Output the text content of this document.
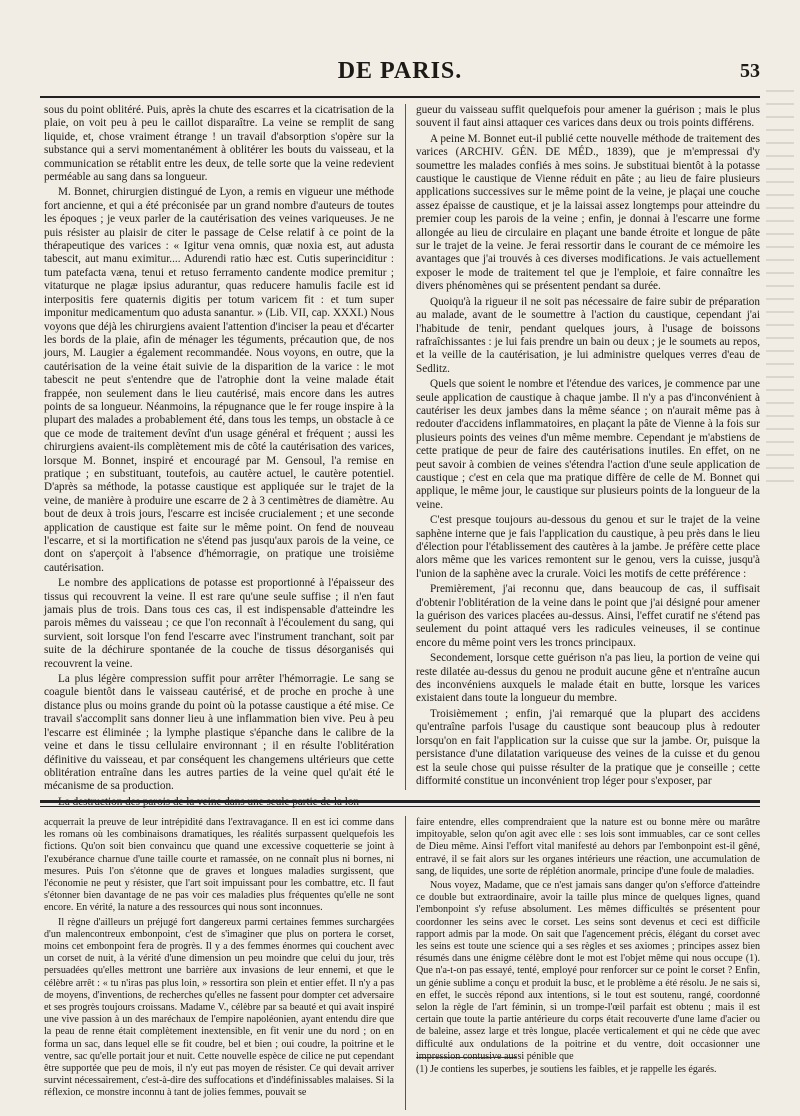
DE PARIS.	53

sous du point oblitéré. Puis, après la chute des escarres et la cicatrisation de la plaie, on voit peu à peu le caillot disparaître. La veine se remplit de sang liquide, et, chose vraiment étrange ! un travail d'absorption s'opère sur la substance qui a servi momentanément à oblitérer les bouts du vaisseau, et la communication se rétablit entre les deux, de telle sorte que la veine redevient perméable au sang dans sa longueur.

M. Bonnet, chirurgien distingué de Lyon, a remis en vigueur une méthode fort ancienne, et qui a été préconisée par un grand nombre d'auteurs de toutes les époques ; je veux parler de la cautérisation des veines variqueuses. Je ne puis résister au plaisir de citer le passage de Celse relatif à ce point de la thérapeutique des varices : « Igitur vena omnis, quæ noxia est, aut adusta tabescit, aut manu eximitur.... Adurendi ratio hæc est. Cutis superinciditur : tum patefacta væna, tenui et retuso ferramento candente modice premitur ; vitaturque ne plagæ ipsius adurantur, quas reducere hamulis facile est id interpositis fere quaternis digitis per totum varicem fit : et tum super imponitur medicamentum quo adusta sanantur. » (Lib. VII, cap. XXXI.) Nous voyons que déjà les chirurgiens avaient l'attention d'inciser la peau et d'écarter les bords de la plaie, afin de ménager les téguments, précaution que, de nos jours, M. Laugier a également recommandée. Nous voyons, en outre, que la cautérisation de la veine était suivie de la disparition de la varice : le mot tabescit ne peut s'entendre que de l'atrophie dont la veine malade était frappée, non seulement dans le lieu cautérisé, mais encore dans les autres points de sa longueur. Néanmoins, la répugnance que le fer rouge inspire à la plupart des malades a probablement été, dans tous les temps, un obstacle à ce que ce mode de traitement devînt d'un usage général et fréquent ; aussi les chirurgiens avaient-ils complètement mis de côté la cautérisation des varices, lorsque M. Bonnet, inspiré et encouragé par M. Gensoul, l'a remise en pratique ; en substituant, toutefois, au cautère actuel, le cautère potentiel. D'après sa méthode, la potasse caustique est appliquée sur le trajet de la veine, de manière à produire une escarre de 2 à 3 centimètres de diamètre. Au bout de deux à trois jours, l'escarre est incisée crucialement ; et une seconde application de caustique est faite sur le même point. On fend de nouveau l'escarre, et si la mortification ne s'étend pas jusqu'aux parois de la veine, ce dont on s'aperçoit à l'absence d'hémorragie, on pratique une troisième cautérisation.

Le nombre des applications de potasse est proportionné à l'épaisseur des tissus qui recouvrent la veine. Il est rare qu'une seule suffise ; il n'en faut jamais plus de trois. Dans tous ces cas, il est indispensable d'atteindre les parois mêmes du vaisseau ; ce que l'on reconnaît à l'écoulement du sang, qui survient, soit lorsque l'on fend l'escarre avec l'instrument tranchant, soit par suite de la déchirure spontanée de la couche de tissus désorganisés qui recouvrent la veine.

La plus légère compression suffit pour arrêter l'hémorragie. Le sang se coagule bientôt dans le vaisseau cautérisé, et de proche en proche à une distance plus ou moins grande du point où la potasse caustique a été mise. Ce travail s'accomplit sans donner lieu à une inflammation bien vive. Peu à peu l'escarre est éliminée ; la lymphe plastique s'épanche dans le calibre de la veine et dans le tissu cellulaire environnant ; il en résulte l'oblitération définitive du vaisseau, et par conséquent les changemens ultérieurs que cette oblitération entraîne dans les autres parties de la veine quel qu'ait été le mécanisme de sa production.

La destruction des parois de la veine dans une seule partie de la lon-

gueur du vaisseau suffit quelquefois pour amener la guérison ; mais le plus souvent il faut ainsi attaquer ces varices dans deux ou trois points différens.

A peine M. Bonnet eut-il publié cette nouvelle méthode de traitement des varices (ARCHIV. GÉN. DE MÉD., 1839), que je m'empressai d'y soumettre les malades confiés à mes soins. Je substituai bientôt à la potasse caustique le caustique de Vienne réduit en pâte ; au lieu de faire plusieurs applications successives sur le même point de la veine, je plaçai une couche assez épaisse de caustique, et je la laissai assez longtemps pour atteindre du premier coup les parois de la veine ; enfin, je donnai à l'escarre une forme allongée au lieu de circulaire en plaçant une bande étroite et longue de pâte sur le trajet de la veine. Je ferai ressortir dans le courant de ce mémoire les avantages que j'ai trouvés à ces diverses modifications. Je vais actuellement exposer le mode de traitement tel que je l'emploie, et faire connaître les divers phénomènes qui se présentent pendant sa durée.

Quoiqu'à la rigueur il ne soit pas nécessaire de faire subir de préparation au malade, avant de le soumettre à l'action du caustique, cependant j'ai l'habitude de tenir, pendant quelques jours, à l'usage de boissons rafraîchissantes : je lui fais prendre un bain ou deux ; je le soumets au repos, et la veille de la cautérisation, je lui administre quelques verres d'eau de Sedlitz.

Quels que soient le nombre et l'étendue des varices, je commence par une seule application de caustique à chaque jambe. Il n'y a pas d'inconvénient à cautériser les deux jambes dans la même séance ; on n'aurait même pas à redouter d'accidens inflammatoires, en plaçant la pâte de Vienne à la fois sur plusieurs points des veines d'un même membre. Cependant je m'abstiens de cette pratique de peur de faire des cautérisations inutiles. En effet, on ne peut savoir à combien de veines s'étendra l'action d'une seule application de caustique ; c'est en cela que ma pratique diffère de celle de M. Bonnet qui applique, le même jour, le caustique sur plusieurs points de la longueur de la veine.

C'est presque toujours au-dessous du genou et sur le trajet de la veine saphène interne que je fais l'application du caustique, à peu près dans le lieu d'élection pour l'établissement des cautères à la jambe. Je préfère cette place alors même que les varices remontent sur le genou, vers la cuisse, jusqu'à l'union de la saphène avec la crurale. Voici les motifs de cette préférence :

Premièrement, j'ai reconnu que, dans beaucoup de cas, il suffisait d'obtenir l'oblitération de la veine dans le point que j'ai désigné pour amener la guérison des varices placées au-dessus. Ainsi, l'effet curatif ne s'étend pas seulement du point attaqué vers les radicules veineuses, il se continue encore du même point vers les troncs principaux.

Secondement, lorsque cette guérison n'a pas lieu, la portion de veine qui reste dilatée au-dessus du genou ne produit aucune gêne et n'entraîne aucun des inconvéniens auxquels le malade était en butte, lorsque les varices existaient dans toute la longueur du membre.

Troisièmement ; enfin, j'ai remarqué que la plupart des accidens qu'entraîne parfois l'usage du caustique sont beaucoup plus à redouter lorsqu'on en fait l'application sur la cuisse que sur la jambe. Or, puisque la persistance d'une dilatation variqueuse des veines de la cuisse et du genou est la seule chose qui puisse résulter de la pratique que je conseille ; cette difformité constitue un inconvénient trop léger pour s'exposer, par

acquerrait la preuve de leur intrépidité dans l'extravagance. Il en est ici comme dans les romans où les combinaisons dramatiques, les réalités surpassent quelquefois les fictions. Qu'on soit bien convaincu que quand une excessive coquetterie se joint à l'exubérance charnue d'une taille courte et ramassée, on ne connaît plus ni bornes, ni mesures. Puis l'on s'étonne que de graves et longues maladies surgissent, que l'économie ne peut y résister, que l'art soit impuissant pour les combattre, etc. Il faut s'étonner bien davantage de ne pas voir ces maladies plus fréquentes qu'elle ne sont encore. En vérité, la nature a des ressources qui nous sont inconnues.

Il règne d'ailleurs un préjugé fort dangereux parmi certaines femmes surchargées d'un malencontreux embonpoint, c'est de s'imaginer que plus on portera le corset, moins cet embonpoint fera de progrès. Il y a des femmes énormes qui couchent avec un corset de nuit, à la vérité d'une dimension un peu moindre que celui du jour, très persuadées qu'elles mettront une barrière aux invasions de leur ennemi, et que le célèbre arrêt : « tu n'iras pas plus loin, » ressortira son plein et entier effet. Il n'y a pas de moyens, d'inventions, de recherches qu'elles ne fassent pour dompter cet adversaire et ses progrès toujours croissans. Madame V., célèbre par sa beauté et qui avait inspiré une vive passion à un des maréchaux de l'empire napoléonien, ayant entendu dire que la peau de renne était complètement inextensible, en fit venir une du nord ; on en forma un sac, dans lequel elle se fit coudre, bel et bien ; oui coudre, la poitrine et le ventre, sac qu'elle portait jour et nuit. Cette nouvelle espèce de cilice ne put cependant être supportée que peu de mois, il n'y eut pas moyen de résister. Ce qui devait arriver survint nécessairement, c'est-à-dire des suffocations et d'indéfinissables malaises. Si la réflexion, ce monstre inconnu à tant de jolies femmes, pouvait se

faire entendre, elles comprendraient que la nature est ou bonne mère ou marâtre impitoyable, selon qu'on agit avec elle : ses lois sont immuables, car ce sont celles de Dieu même. Ainsi l'effort vital manifesté au dehors par l'embonpoint est-il gêné, entravé, il se fait alors sur les organes intérieurs une réaction, une accumulation de sang, de liquides, une sorte de réplétion anormale, principe d'une foule de maladies.

Nous voyez, Madame, que ce n'est jamais sans danger qu'on s'efforce d'atteindre ce double but extraordinaire, avoir la taille plus mince de quelques lignes, quand l'embonpoint s'y refuse absolument. Les mêmes difficultés se présentent pour coordonner les seins avec le corset. Les seins sont devenus et ceci est difficile rapport admis par la mode. On sait que l'agencement précis, élégant du corset avec les seins est toute une science qui a ses règles et ses axiomes ; principes assez bien résumés dans une énigme célèbre dont le mot est l'objet même qui nous occupe (1). Que n'a-t-on pas essayé, tenté, employé pour renforcer sur ce point le corset ? Enfin, un génie sublime a conçu et produit la busc, et le problème a été résolu. Je ne sais si, en effet, le succès répond aux intentions, si le tout est soutenu, rangé, coordonné selon la règle de l'art féminin, si un trompe-l'œil parfait est obtenu ; mais il est certain que toute la partie antérieure du corps était recouverte d'une lame d'acier ou de baleine, assez large et très longue, placée verticalement et qui ne cède que avec difficulté aux ondulations de la poitrine et du ventre, doit occasionner une impression contusive aussi pénible que

(1) Je contiens les superbes, je soutiens les faibles, et je rappelle les égarés.
